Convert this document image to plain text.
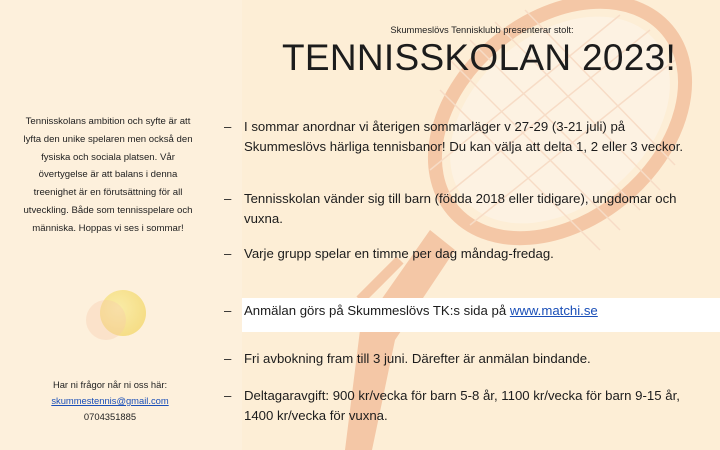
Tennisskolans ambition och syfte är att lyfta den unike spelaren men också den fysiska och sociala platsen. Vår övertygelse är att balans i denna treenighet är en förutsättning för all utveckling. Både som tennisspelare och människa. Hoppas vi ses i sommar!
Har ni frågor når ni oss här:
skummestennis@gmail.com
0704351885
Skummeslövs Tennisklubb presenterar stolt:
TENNISSKOLAN 2023!
– I sommar anordnar vi återigen sommarläger v 27-29 (3-21 juli) på Skummeslövs härliga tennisbanor! Du kan välja att delta 1, 2 eller 3 veckor.
– Tennisskolan vänder sig till barn (födda 2018 eller tidigare), ungdomar och vuxna.
– Varje grupp spelar en timme per dag måndag-fredag.
– Anmälan görs på Skummeslövs TK:s sida på www.matchi.se
– Fri avbokning fram till 3 juni. Därefter är anmälan bindande.
– Deltagaravgift: 900 kr/vecka för barn 5-8 år, 1100 kr/vecka för barn 9-15 år, 1400 kr/vecka för vuxna.
